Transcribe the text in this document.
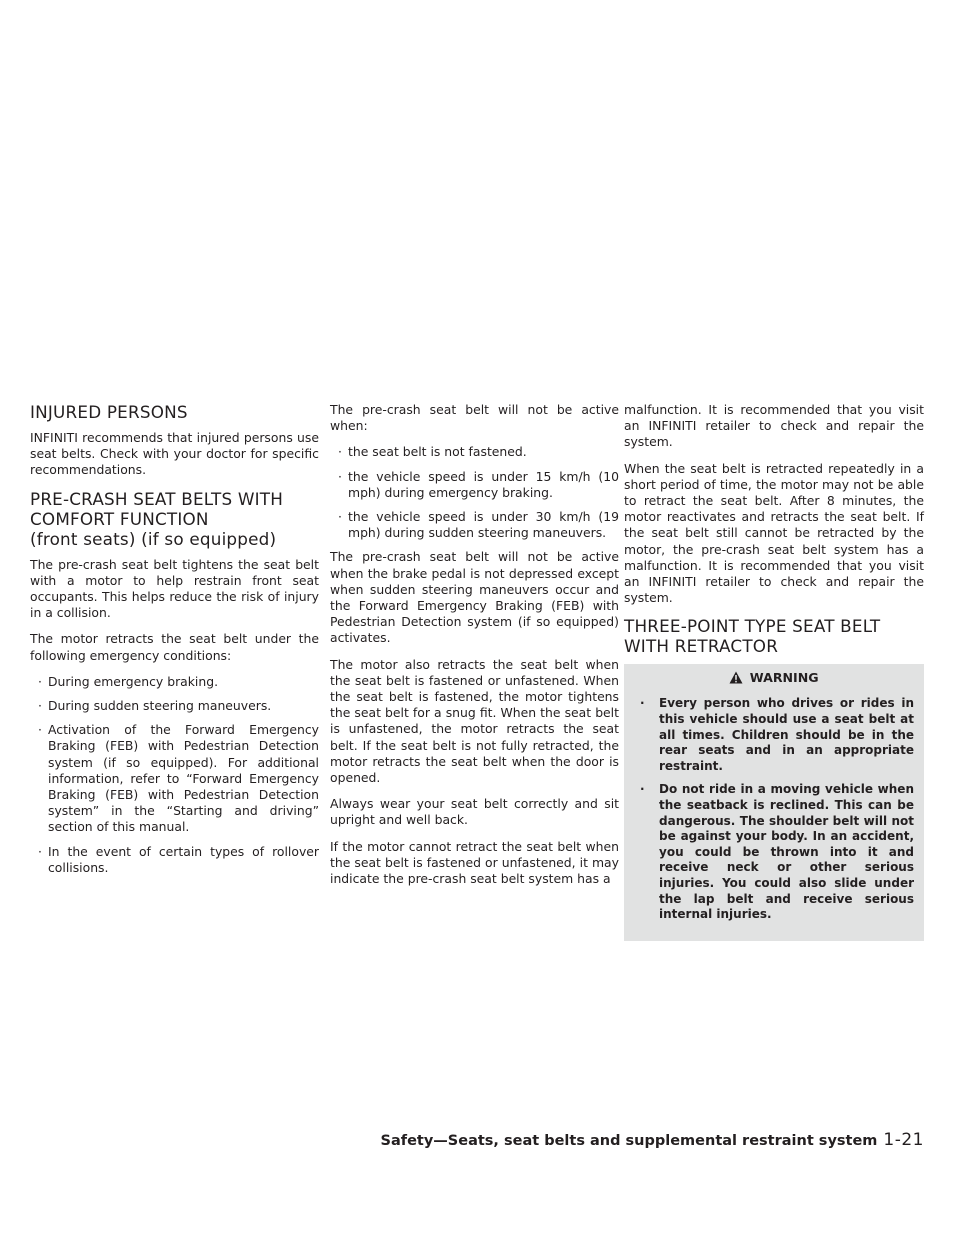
INJURED PERSONS

INFINITI recommends that injured persons use seat belts. Check with your doctor for specific recommendations.

PRE-CRASH SEAT BELTS WITH
COMFORT FUNCTION
(front seats) (if so equipped)

The pre-crash seat belt tightens the seat belt with a motor to help restrain front seat occupants. This helps reduce the risk of injury in a collision.

The motor retracts the seat belt under the following emergency conditions:

· During emergency braking.
· During sudden steering maneuvers.
· Activation of the Forward Emergency Braking (FEB) with Pedestrian Detection system (if so equipped). For additional information, refer to “Forward Emergency Braking (FEB) with Pedestrian Detection system” in the “Starting and driving” section of this manual.
· In the event of certain types of rollover collisions.

The pre-crash seat belt will not be active when:

· the seat belt is not fastened.
· the vehicle speed is under 15 km/h (10 mph) during emergency braking.
· the vehicle speed is under 30 km/h (19 mph) during sudden steering maneuvers.

The pre-crash seat belt will not be active when the brake pedal is not depressed except when sudden steering maneuvers occur and the Forward Emergency Braking (FEB) with Pedestrian Detection system (if so equipped) activates.

The motor also retracts the seat belt when the seat belt is fastened or unfastened. When the seat belt is fastened, the motor tightens the seat belt for a snug fit. When the seat belt is unfastened, the motor retracts the seat belt. If the seat belt is not fully retracted, the motor retracts the seat belt when the door is opened.

Always wear your seat belt correctly and sit upright and well back.

If the motor cannot retract the seat belt when the seat belt is fastened or unfastened, it may indicate the pre-crash seat belt system has a

malfunction. It is recommended that you visit an INFINITI retailer to check and repair the system.

When the seat belt is retracted repeatedly in a short period of time, the motor may not be able to retract the seat belt. After 8 minutes, the motor reactivates and retracts the seat belt. If the seat belt still cannot be retracted by the motor, the pre-crash seat belt system has a malfunction. It is recommended that you visit an INFINITI retailer to check and repair the system.

THREE-POINT TYPE SEAT BELT
WITH RETRACTOR
WARNING
· Every person who drives or rides in this vehicle should use a seat belt at all times. Children should be in the rear seats and in an appropriate restraint.
· Do not ride in a moving vehicle when the seatback is reclined. This can be dangerous. The shoulder belt will not be against your body. In an accident, you could be thrown into it and receive neck or other serious injuries. You could also slide under the lap belt and receive serious internal injuries.
Safety—Seats, seat belts and supplemental restraint system 1-21
